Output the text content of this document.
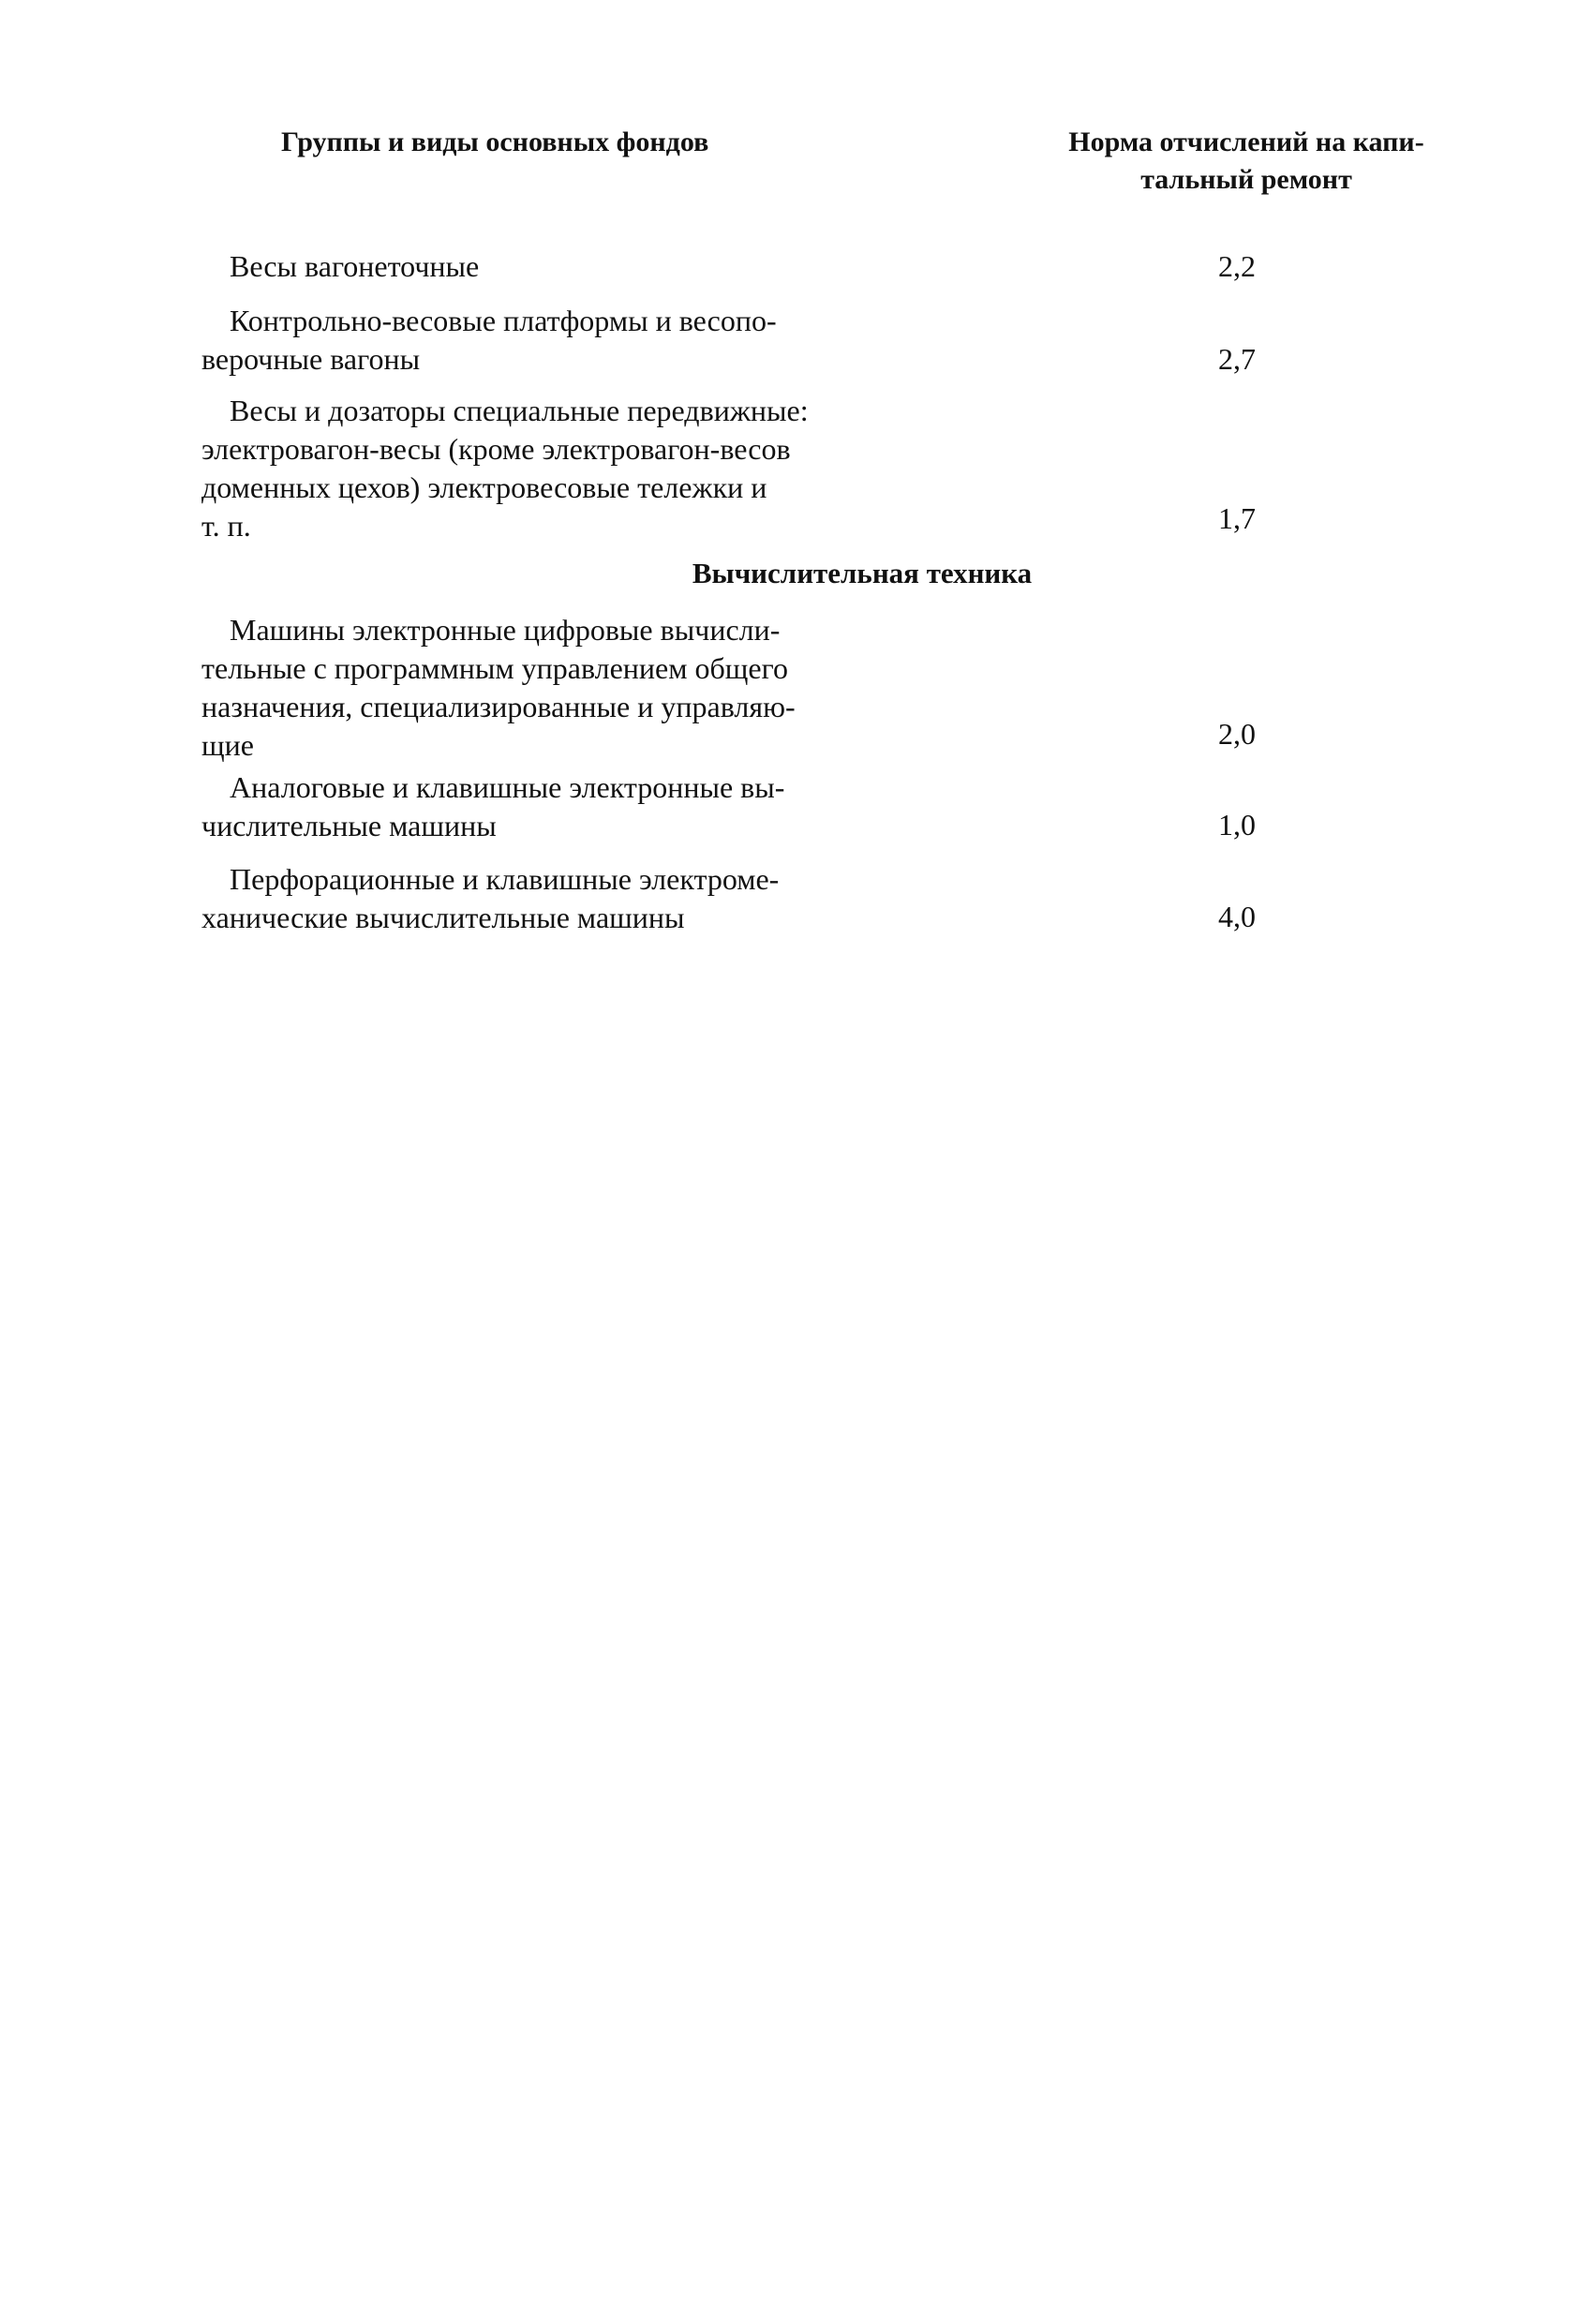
Группы и виды основных фондов	Норма отчислений на капи-
тальный ремонт
Весы вагонеточные	2,2
Контрольно-весовые платформы и весопо-
верочные вагоны	2,7
Весы и дозаторы специальные передвижные:
электровагон-весы (кроме электровагон-весов
доменных цехов) электровесовые тележки и
т. п.	1,7
Вычислительная техника
Машины электронные цифровые вычисли-
тельные с программным управлением общего
назначения, специализированные и управляю-
щие	2,0
Аналоговые и клавишные электронные вы-
числительные машины	1,0
Перфорационные и клавишные электроме-
ханические вычислительные машины	4,0
